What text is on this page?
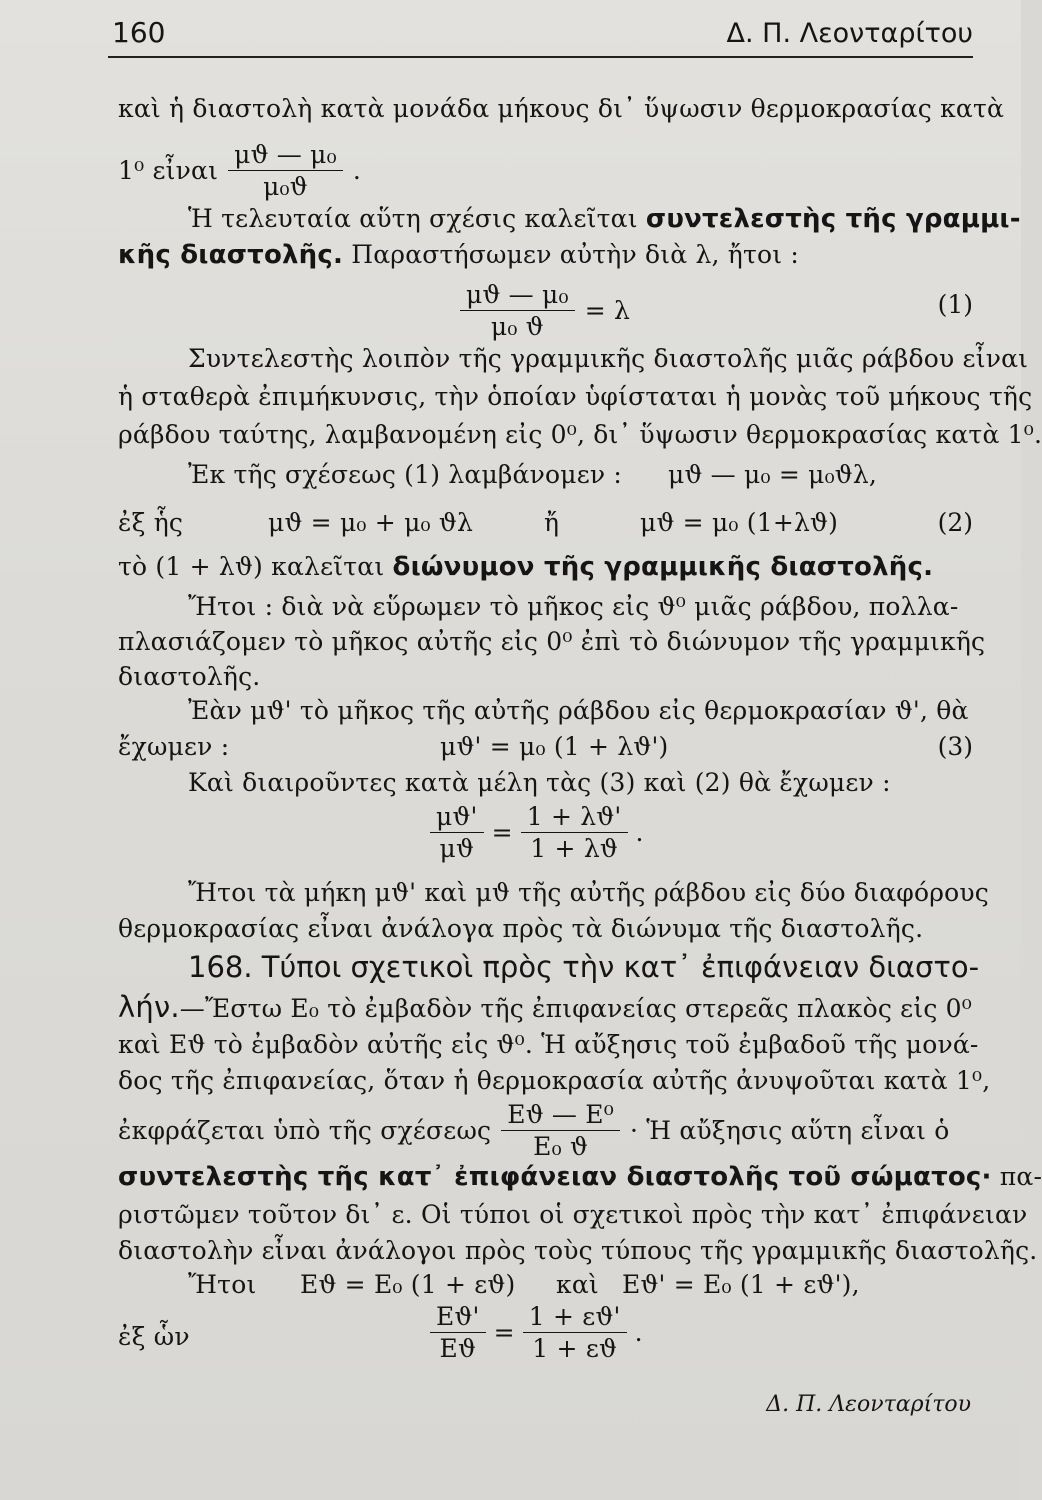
160	Δ. Π. Λεονταρίτου
καὶ ἡ διαστολὴ κατὰ μονάδα μήκους δι᾽ ὕψωσιν θερμοκρασίας κατὰ
1⁰ εἶναι $\frac{\text{μϑ — μ₀}}{\text{μ₀ϑ}}$ .
Ἡ τελευταία αὕτη σχέσις καλεῖται συντελεστὴς τῆς γραμμι-
κῆς διαστολῆς. Παραστήσωμεν αὐτὴν διὰ λ, ἤτοι :
$\frac{\text{μϑ — μ₀}}{\text{μ₀ ϑ}} = \lambda$	(1)
Συντελεστὴς λοιπὸν τῆς γραμμικῆς διαστολῆς μιᾶς ράβδου εἶναι
ἡ σταθερὰ ἐπιμήκυνσις, τὴν ὁποίαν ὑφίσταται ἡ μονὰς τοῦ μήκους τῆς
ράβδου ταύτης, λαμβανομένη εἰς 0⁰, δι᾽ ὕψωσιν θερμοκρασίας κατὰ 1⁰.
Ἐκ τῆς σχέσεως (1) λαμβάνομεν : μϑ — μ₀ = μ₀ϑλ,
ἐξ ἧς	μϑ = μ₀ + μ₀ ϑλ	ἤ	μϑ = μ₀ (1+λϑ)	(2)
τὸ (1 + λϑ) καλεῖται διώνυμον τῆς γραμμικῆς διαστολῆς.
Ἤτοι : διὰ νὰ εὕρωμεν τὸ μῆκος εἰς ϑ⁰ μιᾶς ράβδου, πολλα-
πλασιάζομεν τὸ μῆκος αὐτῆς εἰς 0⁰ ἐπὶ τὸ διώνυμον τῆς γραμμικῆς
διαστολῆς.
Ἐὰν μϑ' τὸ μῆκος τῆς αὐτῆς ράβδου εἰς θερμοκρασίαν ϑ', θὰ
ἔχωμεν :	μϑ' = μ₀ (1 + λϑ')	(3)
Καὶ διαιροῦντες κατὰ μέλη τὰς (3) καὶ (2) θὰ ἔχωμεν :
$\frac{\mu ϑ'}{\mu ϑ} = \frac{1 + \lambda ϑ'}{1 + \lambda ϑ}$ .
Ἤτοι τὰ μήκη μϑ' καὶ μϑ τῆς αὐτῆς ράβδου εἰς δύο διαφόρους
θερμοκρασίας εἶναι ἀνάλογα πρὸς τὰ διώνυμα τῆς διαστολῆς.
168. Τύποι σχετικοὶ πρὸς τὴν κατ᾽ ἐπιφάνειαν διαστο-
λήν.—Ἔστω E₀ τὸ ἐμβαδὸν τῆς ἐπιφανείας στερεᾶς πλακὸς εἰς 0⁰
καὶ Eϑ τὸ ἐμβαδὸν αὐτῆς εἰς ϑ⁰. Ἡ αὔξησις τοῦ ἐμβαδοῦ τῆς μονά-
δος τῆς ἐπιφανείας, ὅταν ἡ θερμοκρασία αὐτῆς ἀνυψοῦται κατὰ 1⁰,
ἐκφράζεται ὑπὸ τῆς σχέσεως $\frac{\text{Eϑ — E⁰}}{\text{E₀ ϑ}}$ · Ἡ αὔξησις αὕτη εἶναι ὁ
συντελεστὴς τῆς κατ᾽ ἐπιφάνειαν διαστολῆς τοῦ σώματος· πα-
ριστῶμεν τοῦτον δι᾽ ε. Οἱ τύποι οἱ σχετικοὶ πρὸς τὴν κατ᾽ ἐπιφάνειαν
διαστολὴν εἶναι ἀνάλογοι πρὸς τοὺς τύπους τῆς γραμμικῆς διαστολῆς.
Ἤτοι Eϑ = E₀ (1 + εϑ) καὶ Eϑ' = E₀ (1 + εϑ'),
ἐξ ὧν	$\frac{Eϑ'}{Eϑ} = \frac{1 + \varepsilon ϑ'}{1 + \varepsilon ϑ}$ .
Δ. Π. Λεονταρίτου
